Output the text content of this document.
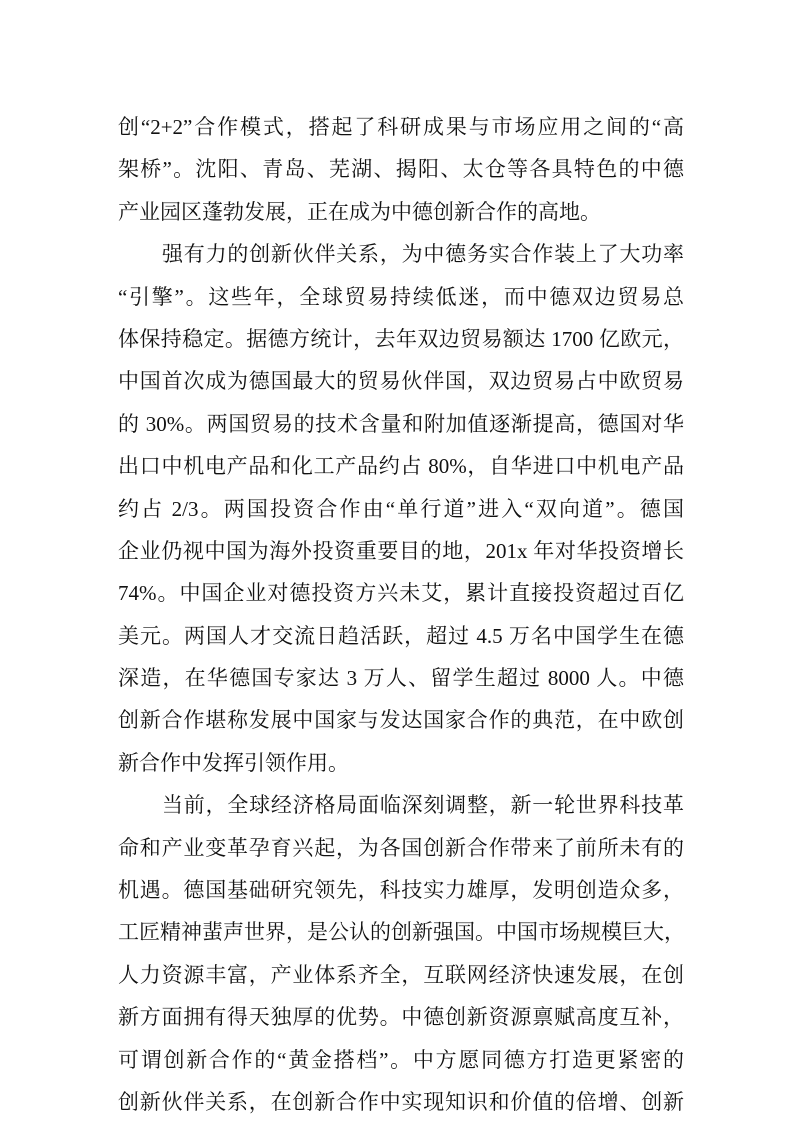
创“2+2”合作模式，搭起了科研成果与市场应用之间的“高
架桥”。沈阳、青岛、芜湖、揭阳、太仓等各具特色的中德
产业园区蓬勃发展，正在成为中德创新合作的高地。
强有力的创新伙伴关系，为中德务实合作装上了大功率
“引擎”。这些年，全球贸易持续低迷，而中德双边贸易总
体保持稳定。据德方统计，去年双边贸易额达 1700 亿欧元，
中国首次成为德国最大的贸易伙伴国，双边贸易占中欧贸易
的 30%。两国贸易的技术含量和附加值逐渐提高，德国对华
出口中机电产品和化工产品约占 80%，自华进口中机电产品
约占 2/3。两国投资合作由“单行道”进入“双向道”。德国
企业仍视中国为海外投资重要目的地，201x 年对华投资增长
74%。中国企业对德投资方兴未艾，累计直接投资超过百亿
美元。两国人才交流日趋活跃，超过 4.5 万名中国学生在德
深造，在华德国专家达 3 万人、留学生超过 8000 人。中德
创新合作堪称发展中国家与发达国家合作的典范，在中欧创
新合作中发挥引领作用。
当前，全球经济格局面临深刻调整，新一轮世界科技革
命和产业变革孕育兴起，为各国创新合作带来了前所未有的
机遇。德国基础研究领先，科技实力雄厚，发明创造众多，
工匠精神蜚声世界，是公认的创新强国。中国市场规模巨大，
人力资源丰富，产业体系齐全，互联网经济快速发展，在创
新方面拥有得天独厚的优势。中德创新资源禀赋高度互补，
可谓创新合作的“黄金搭档”。中方愿同德方打造更紧密的
创新伙伴关系，在创新合作中实现知识和价值的倍增、创新
